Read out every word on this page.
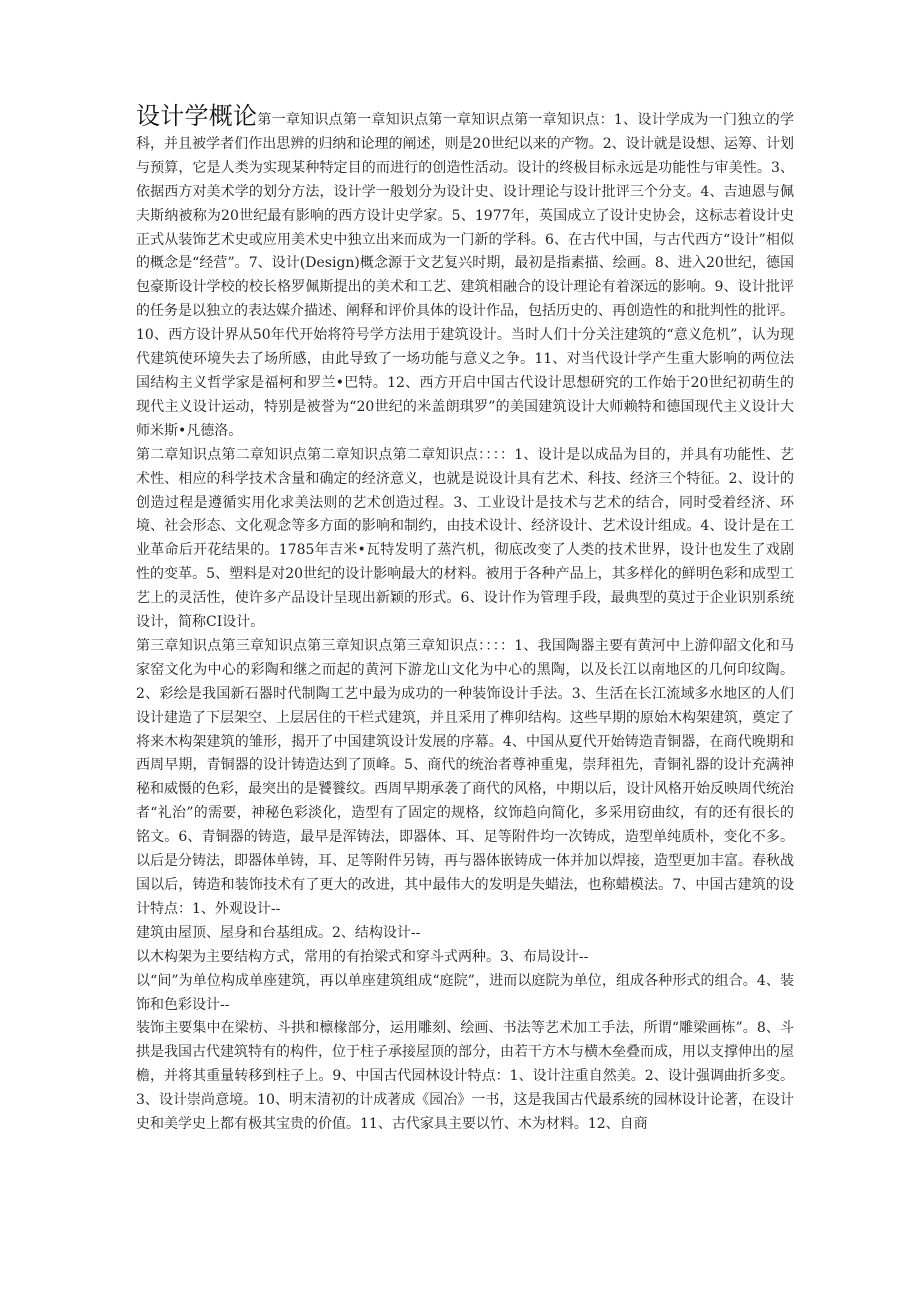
设计学概论第一章知识点第一章知识点第一章知识点第一章知识点：1、设计学成为一门独立的学科，并且被学者们作出思辨的归纳和论理的阐述，则是20世纪以来的产物。2、设计就是设想、运筹、计划与预算，它是人类为实现某种特定目的而进行的创造性活动。设计的终极目标永远是功能性与审美性。3、依据西方对美术学的划分方法，设计学一般划分为设计史、设计理论与设计批评三个分支。4、吉迪恩与佩夫斯纳被称为20世纪最有影响的西方设计史学家。5、1977年，英国成立了设计史协会，这标志着设计史正式从装饰艺术史或应用美术史中独立出来而成为一门新的学科。6、在古代中国，与古代西方“设计”相似的概念是“经营”。7、设计(Design)概念源于文艺复兴时期，最初是指素描、绘画。8、进入20世纪，德国包豪斯设计学校的校长格罗佩斯提出的美术和工艺、建筑相融合的设计理论有着深远的影响。9、设计批评的任务是以独立的表达媒介描述、阐释和评价具体的设计作品，包括历史的、再创造性的和批判性的批评。10、西方设计界从50年代开始将符号学方法用于建筑设计。当时人们十分关注建筑的“意义危机”，认为现代建筑使环境失去了场所感，由此导致了一场功能与意义之争。11、对当代设计学产生重大影响的两位法国结构主义哲学家是福柯和罗兰•巴特。12、西方开启中国古代设计思想研究的工作始于20世纪初萌生的现代主义设计运动，特别是被誉为“20世纪的米盖朗琪罗”的美国建筑设计大师赖特和德国现代主义设计大师米斯•凡德洛。

第二章知识点第二章知识点第二章知识点第二章知识点：：：：1、设计是以成品为目的，并具有功能性、艺术性、相应的科学技术含量和确定的经济意义，也就是说设计具有艺术、科技、经济三个特征。2、设计的创造过程是遵循实用化求美法则的艺术创造过程。3、工业设计是技术与艺术的结合，同时受着经济、环境、社会形态、文化观念等多方面的影响和制约，由技术设计、经济设计、艺术设计组成。4、设计是在工业革命后开花结果的。1785年吉米•瓦特发明了蒸汽机，彻底改变了人类的技术世界，设计也发生了戏剧性的变革。5、塑料是对20世纪的设计影响最大的材料。被用于各种产品上，其多样化的鲜明色彩和成型工艺上的灵活性，使许多产品设计呈现出新颖的形式。6、设计作为管理手段，最典型的莫过于企业识别系统设计，简称CI设计。

第三章知识点第三章知识点第三章知识点第三章知识点：：：：1、我国陶器主要有黄河中上游仰韶文化和马家窑文化为中心的彩陶和继之而起的黄河下游龙山文化为中心的黑陶，以及长江以南地区的几何印纹陶。2、彩绘是我国新石器时代制陶工艺中最为成功的一种装饰设计手法。3、生活在长江流域多水地区的人们设计建造了下层架空、上层居住的干栏式建筑，并且采用了榫卯结构。这些早期的原始木构架建筑，奠定了将来木构架建筑的雏形，揭开了中国建筑设计发展的序幕。4、中国从夏代开始铸造青铜器，在商代晚期和西周早期，青铜器的设计铸造达到了顶峰。5、商代的统治者尊神重鬼，崇拜祖先，青铜礼器的设计充满神秘和威慑的色彩，最突出的是饕餮纹。西周早期承袭了商代的风格，中期以后，设计风格开始反映周代统治者“礼治”的需要，神秘色彩淡化，造型有了固定的规格，纹饰趋向简化，多采用窃曲纹，有的还有很长的铭文。6、青铜器的铸造，最早是浑铸法，即器体、耳、足等附件均一次铸成，造型单纯质朴，变化不多。以后是分铸法，即器体单铸，耳、足等附件另铸，再与器体嵌铸成一体并加以焊接，造型更加丰富。春秋战国以后，铸造和装饰技术有了更大的改进，其中最伟大的发明是失蜡法，也称蜡模法。7、中国古建筑的设计特点：1、外观设计--

建筑由屋顶、屋身和台基组成。2、结构设计--

以木构架为主要结构方式，常用的有抬梁式和穿斗式两种。3、布局设计--

以“间”为单位构成单座建筑，再以单座建筑组成“庭院”，进而以庭院为单位，组成各种形式的组合。4、装饰和色彩设计--

装饰主要集中在梁枋、斗拱和檩椽部分，运用雕刻、绘画、书法等艺术加工手法，所谓“雕梁画栋”。8、斗拱是我国古代建筑特有的构件，位于柱子承接屋顶的部分，由若干方木与横木垒叠而成，用以支撑伸出的屋檐，并将其重量转移到柱子上。9、中国古代园林设计特点：1、设计注重自然美。2、设计强调曲折多变。3、设计崇尚意境。10、明末清初的计成著成《园冶》一书，这是我国古代最系统的园林设计论著，在设计史和美学史上都有极其宝贵的价值。11、古代家具主要以竹、木为材料。12、自商
